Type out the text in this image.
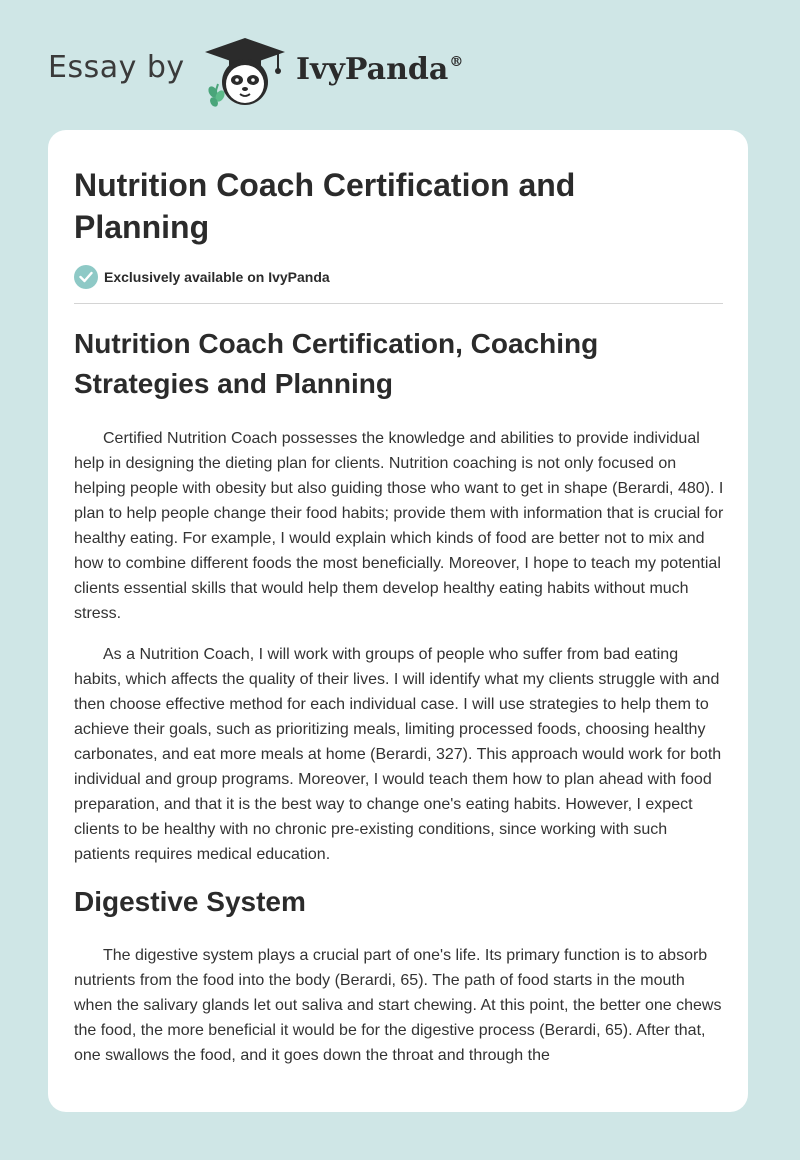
Essay by	IvyPanda®
Nutrition Coach Certification and Planning
Exclusively available on IvyPanda
Nutrition Coach Certification, Coaching Strategies and Planning

Certified Nutrition Coach possesses the knowledge and abilities to provide individual help in designing the dieting plan for clients. Nutrition coaching is not only focused on helping people with obesity but also guiding those who want to get in shape (Berardi, 480). I plan to help people change their food habits; provide them with information that is crucial for healthy eating. For example, I would explain which kinds of food are better not to mix and how to combine different foods the most beneficially. Moreover, I hope to teach my potential clients essential skills that would help them develop healthy eating habits without much stress.

As a Nutrition Coach, I will work with groups of people who suffer from bad eating habits, which affects the quality of their lives. I will identify what my clients struggle with and then choose effective method for each individual case. I will use strategies to help them to achieve their goals, such as prioritizing meals, limiting processed foods, choosing healthy carbonates, and eat more meals at home (Berardi, 327). This approach would work for both individual and group programs. Moreover, I would teach them how to plan ahead with food preparation, and that it is the best way to change one's eating habits. However, I expect clients to be healthy with no chronic pre-existing conditions, since working with such patients requires medical education.

Digestive System

The digestive system plays a crucial part of one's life. Its primary function is to absorb nutrients from the food into the body (Berardi, 65). The path of food starts in the mouth when the salivary glands let out saliva and start chewing. At this point, the better one chews the food, the more beneficial it would be for the digestive process (Berardi, 65). After that, one swallows the food, and it goes down the throat and through the
